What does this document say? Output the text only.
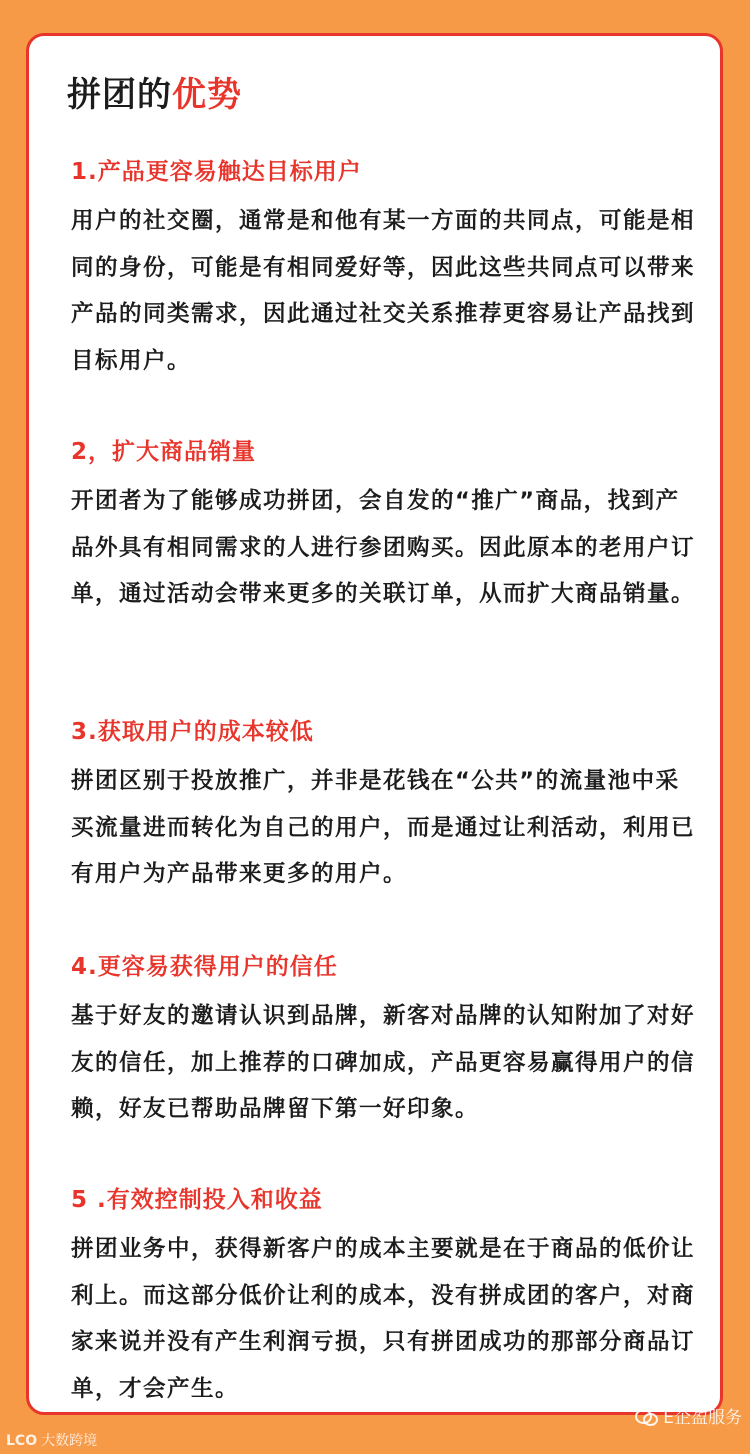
拼团的优势
1.产品更容易触达目标用户

用户的社交圈，通常是和他有某一方面的共同点，可能是相同的身份，可能是有相同爱好等，因此这些共同点可以带来产品的同类需求，因此通过社交关系推荐更容易让产品找到目标用户。

2，扩大商品销量

开团者为了能够成功拼团，会自发的“推广”商品，找到产品外具有相同需求的人进行参团购买。因此原本的老用户订单，通过活动会带来更多的关联订单，从而扩大商品销量。

3.获取用户的成本较低

拼团区别于投放推广，并非是花钱在“公共”的流量池中采买流量进而转化为自己的用户，而是通过让利活动，利用已有用户为产品带来更多的用户。

4.更容易获得用户的信任

基于好友的邀请认识到品牌，新客对品牌的认知附加了对好友的信任，加上推荐的口碑加成，产品更容易赢得用户的信赖，好友已帮助品牌留下第一好印象。

5 .有效控制投入和收益

拼团业务中，获得新客户的成本主要就是在于商品的低价让利上。而这部分低价让利的成本，没有拼成团的客户，对商家来说并没有产生利润亏损，只有拼团成功的那部分商品订单，才会产生。

LCO 大数跨境
E企盈服务
